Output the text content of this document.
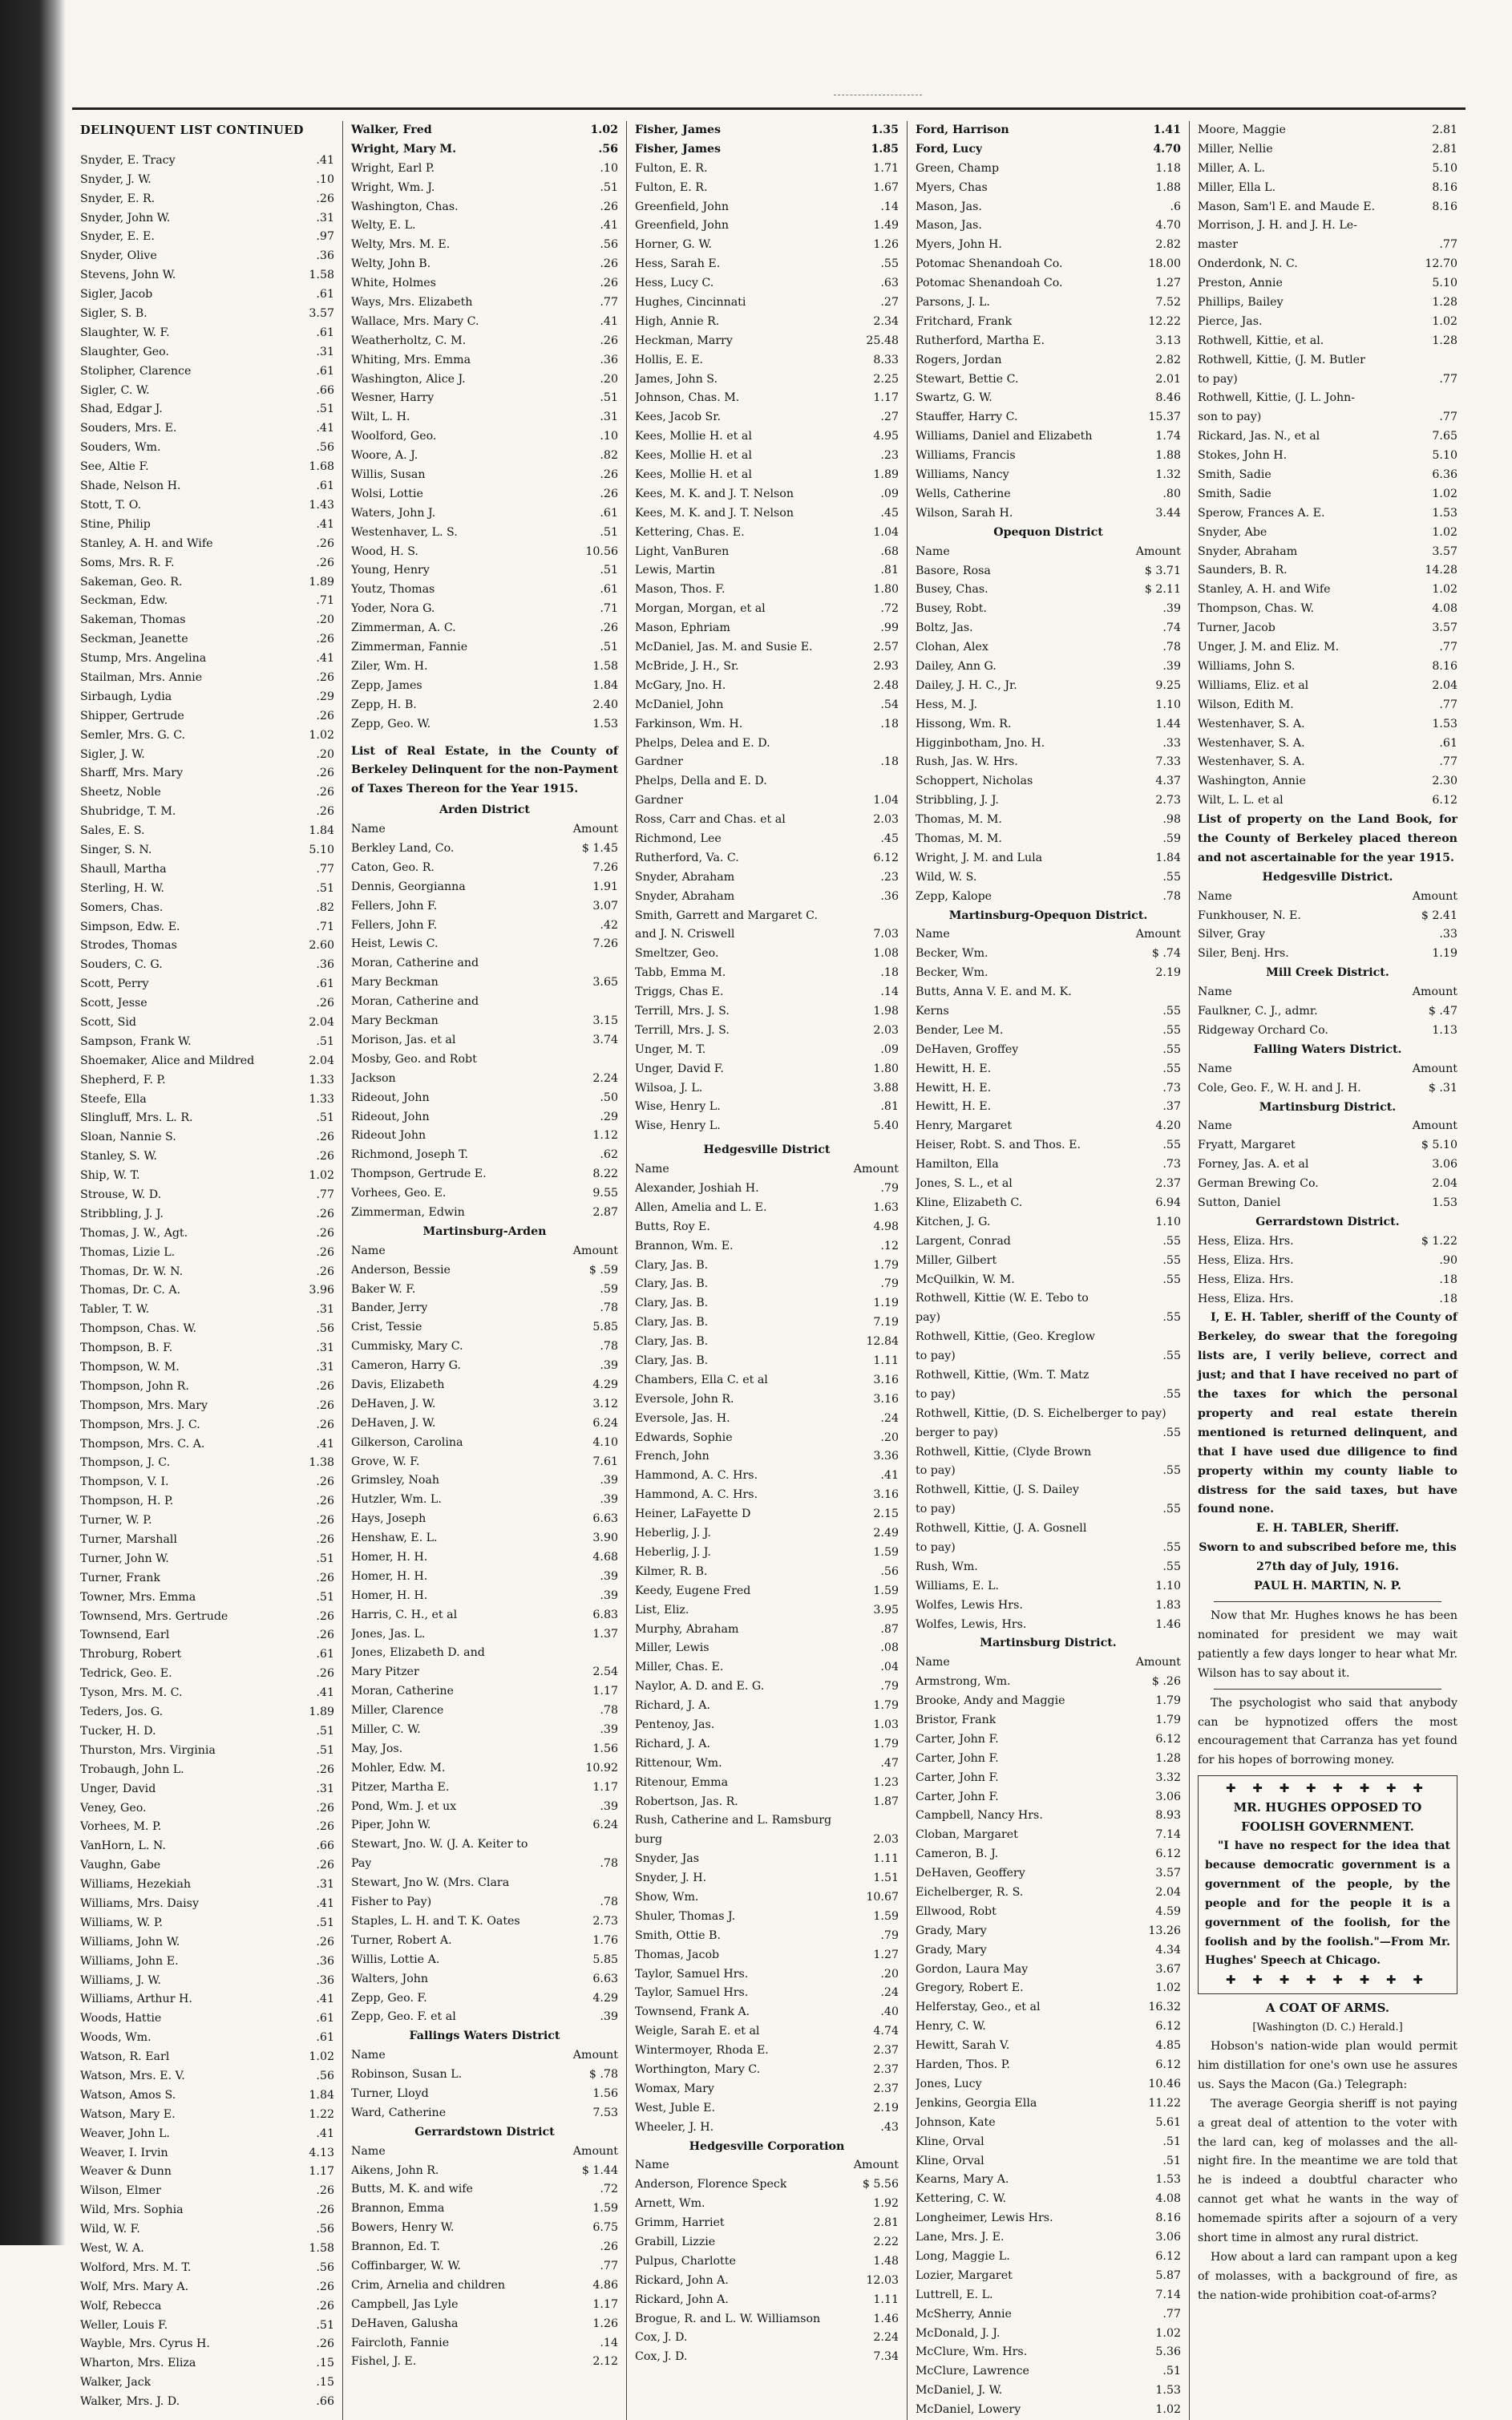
DELINQUENT LIST CONTINUED
Snyder, E. Tracy	.41
Snyder, J. W.	.10
Snyder, E. R.	.26
Snyder, John W.	.31
Snyder, E. E.	.97
Snyder, Olive	.36
Stevens, John W.	1.58
Sigler, Jacob	.61
Sigler, S. B.	3.57
Slaughter, W. F.	.61
Slaughter, Geo.	.31
Stolipher, Clarence	.61
Sigler, C. W.	.66
Shad, Edgar J.	.51
Souders, Mrs. E.	.41
Souders, Wm.	.56
See, Altie F.	1.68
Shade, Nelson H.	.61
Stott, T. O.	1.43
Stine, Philip	.41
Stanley, A. H. and Wife	.26
Soms, Mrs. R. F.	.26
Sakeman, Geo. R.	1.89
Seckman, Edw.	.71
Sakeman, Thomas	.20
Seckman, Jeanette	.26
Stump, Mrs. Angelina	.41
Stailman, Mrs. Annie	.26
Sirbaugh, Lydia	.29
Shipper, Gertrude	.26
Semler, Mrs. G. C.	1.02
Sigler, J. W.	.20
Sharff, Mrs. Mary	.26
Sheetz, Noble	.26
Shubridge, T. M.	.26
Sales, E. S.	1.84
Singer, S. N.	5.10
Shaull, Martha	.77
Sterling, H. W.	.51
Somers, Chas.	.82
Simpson, Edw. E.	.71
Strodes, Thomas	2.60
Souders, C. G.	.36
Scott, Perry	.61
Scott, Jesse	.26
Scott, Sid	2.04
Sampson, Frank W.	.51
Shoemaker, Alice and Mildred	2.04
Shepherd, F. P.	1.33
Steefe, Ella	1.33
Slingluff, Mrs. L. R.	.51
Sloan, Nannie S.	.26
Stanley, S. W.	.26
Ship, W. T.	1.02
Strouse, W. D.	.77
Stribbling, J. J.	.26
Thomas, J. W., Agt.	.26
Thomas, Lizie L.	.26
Thomas, Dr. W. N.	.26
Thomas, Dr. C. A.	3.96
Tabler, T. W.	.31
Thompson, Chas. W.	.56
Thompson, B. F.	.31
Thompson, W. M.	.31
Thompson, John R.	.26
Thompson, Mrs. Mary	.26
Thompson, Mrs. J. C.	.26
Thompson, Mrs. C. A.	.41
Thompson, J. C.	1.38
Thompson, V. I.	.26
Thompson, H. P.	.26
Turner, W. P.	.26
Turner, Marshall	.26
Turner, John W.	.51
Turner, Frank	.26
Towner, Mrs. Emma	.51
Townsend, Mrs. Gertrude	.26
Townsend, Earl	.26
Throburg, Robert	.61
Tedrick, Geo. E.	.26
Tyson, Mrs. M. C.	.41
Teders, Jos. G.	1.89
Tucker, H. D.	.51
Thurston, Mrs. Virginia	.51
Trobaugh, John L.	.26
Unger, David	.31
Veney, Geo.	.26
Vorhees, M. P.	.26
VanHorn, L. N.	.66
Vaughn, Gabe	.26
Williams, Hezekiah	.31
Williams, Mrs. Daisy	.41
Williams, W. P.	.51
Williams, John W.	.26
Williams, John E.	.36
Williams, J. W.	.36
Williams, Arthur H.	.41
Woods, Hattie	.61
Woods, Wm.	.61
Watson, R. Earl	1.02
Watson, Mrs. E. V.	.56
Watson, Amos S.	1.84
Watson, Mary E.	1.22
Weaver, John L.	.41
Weaver, I. Irvin	4.13
Weaver & Dunn	1.17
Wilson, Elmer	.26
Wild, Mrs. Sophia	.26
Wild, W. F.	.56
West, W. A.	1.58
Wolford, Mrs. M. T.	.56
Wolf, Mrs. Mary A.	.26
Wolf, Rebecca	.26
Weller, Louis F.	.51
Wayble, Mrs. Cyrus H.	.26
Wharton, Mrs. Eliza	.15
Walker, Jack	.15
Walker, Mrs. J. D.	.66
Walker, Fred	1.02
Wright, Mary M.	.56
Wright, Earl P.	.10
Wright, Wm. J.	.51
Washington, Chas.	.26
Welty, E. L.	.41
Welty, Mrs. M. E.	.56
Welty, John B.	.26
White, Holmes	.26
Ways, Mrs. Elizabeth	.77
Wallace, Mrs. Mary C.	.41
Weatherholtz, C. M.	.26
Whiting, Mrs. Emma	.36
Washington, Alice J.	.20
Wesner, Harry	.51
Wilt, L. H.	.31
Woolford, Geo.	.10
Woore, A. J.	.82
Willis, Susan	.26
Wolsi, Lottie	.26
Waters, John J.	.61
Westenhaver, L. S.	.51
Wood, H. S.	10.56
Young, Henry	.51
Youtz, Thomas	.61
Yoder, Nora G.	.71
Zimmerman, A. C.	.26
Zimmerman, Fannie	.51
Ziler, Wm. H.	1.58
Zepp, James	1.84
Zepp, H. B.	2.40
Zepp, Geo. W.	1.53
List of Real Estate, in the County of Berkeley Delinquent for the non-Payment of Taxes Thereon for the Year 1915.
Arden District
Name	Amount
Berkley Land, Co.	$ 1.45
Caton, Geo. R.	7.26
Dennis, Georgianna	1.91
Fellers, John F.	3.07
Fellers, John F.	.42
Heist, Lewis C.	7.26
Moran, Catherine and
Mary Beckman	3.65
Moran, Catherine and
Mary Beckman	3.15
Morison, Jas. et al	3.74
Mosby, Geo. and Robt
Jackson	2.24
Rideout, John	.50
Rideout, John	.29
Rideout John	1.12
Richmond, Joseph T.	.62
Thompson, Gertrude E.	8.22
Vorhees, Geo. E.	9.55
Zimmerman, Edwin	2.87
Martinsburg-Arden
Name	Amount
Anderson, Bessie	$ .59
Baker W. F.	.59
Bander, Jerry	.78
Crist, Tessie	5.85
Cummisky, Mary C.	.78
Cameron, Harry G.	.39
Davis, Elizabeth	4.29
DeHaven, J. W.	3.12
DeHaven, J. W.	6.24
Gilkerson, Carolina	4.10
Grove, W. F.	7.61
Grimsley, Noah	.39
Hutzler, Wm. L.	.39
Hays, Joseph	6.63
Henshaw, E. L.	3.90
Homer, H. H.	4.68
Homer, H. H.	.39
Homer, H. H.	.39
Harris, C. H., et al	6.83
Jones, Jas. L.	1.37
Jones, Elizabeth D. and
Mary Pitzer	2.54
Moran, Catherine	1.17
Miller, Clarence	.78
Miller, C. W.	.39
May, Jos.	1.56
Mohler, Edw. M.	10.92
Pitzer, Martha E.	1.17
Pond, Wm. J. et ux	.39
Piper, John W.	6.24
Stewart, Jno. W. (J. A. Keiter to
Pay	.78
Stewart, Jno W. (Mrs. Clara
Fisher to Pay)	.78
Staples, L. H. and T. K. Oates	2.73
Turner, Robert A.	1.76
Willis, Lottie A.	5.85
Walters, John	6.63
Zepp, Geo. F.	4.29
Zepp, Geo. F. et al	.39
Fallings Waters District
Name	Amount
Robinson, Susan L.	$ .78
Turner, Lloyd	1.56
Ward, Catherine	7.53
Gerrardstown District
Name	Amount
Aikens, John R.	$ 1.44
Butts, M. K. and wife	.72
Brannon, Emma	1.59
Bowers, Henry W.	6.75
Brannon, Ed. T.	.26
Coffinbarger, W. W.	.77
Crim, Arnelia and children	4.86
Campbell, Jas Lyle	1.17
DeHaven, Galusha	1.26
Faircloth, Fannie	.14
Fishel, J. E.	2.12
Fisher, James	1.35
Fisher, James	1.85
Fulton, E. R.	1.71
Fulton, E. R.	1.67
Greenfield, John	.14
Greenfield, John	1.49
Horner, G. W.	1.26
Hess, Sarah E.	.55
Hess, Lucy C.	.63
Hughes, Cincinnati	.27
High, Annie R.	2.34
Heckman, Marry	25.48
Hollis, E. E.	8.33
James, John S.	2.25
Johnson, Chas. M.	1.17
Kees, Jacob Sr.	.27
Kees, Mollie H. et al	4.95
Kees, Mollie H. et al	.23
Kees, Mollie H. et al	1.89
Kees, M. K. and J. T. Nelson	.09
Kees, M. K. and J. T. Nelson	.45
Kettering, Chas. E.	1.04
Light, VanBuren	.68
Lewis, Martin	.81
Mason, Thos. F.	1.80
Morgan, Morgan, et al	.72
Mason, Ephriam	.99
McDaniel, Jas. M. and Susie E.	2.57
McBride, J. H., Sr.	2.93
McGary, Jno. H.	2.48
McDaniel, John	.54
Farkinson, Wm. H.	.18
Phelps, Delea and E. D.
Gardner	.18
Phelps, Della and E. D.
Gardner	1.04
Ross, Carr and Chas. et al	2.03
Richmond, Lee	.45
Rutherford, Va. C.	6.12
Snyder, Abraham	.23
Snyder, Abraham	.36
Smith, Garrett and Margaret C.
and J. N. Criswell	7.03
Smeltzer, Geo.	1.08
Tabb, Emma M.	.18
Triggs, Chas E.	.14
Terrill, Mrs. J. S.	1.98
Terrill, Mrs. J. S.	2.03
Unger, M. T.	.09
Unger, David F.	1.80
Wilsoa, J. L.	3.88
Wise, Henry L.	.81
Wise, Henry L.	5.40
Hedgesville District
Name	Amount
Alexander, Joshiah H.	.79
Allen, Amelia and L. E.	1.63
Butts, Roy E.	4.98
Brannon, Wm. E.	.12
Clary, Jas. B.	1.79
Clary, Jas. B.	.79
Clary, Jas. B.	1.19
Clary, Jas. B.	7.19
Clary, Jas. B.	12.84
Clary, Jas. B.	1.11
Chambers, Ella C. et al	3.16
Eversole, John R.	3.16
Eversole, Jas. H.	.24
Edwards, Sophie	.20
French, John	3.36
Hammond, A. C. Hrs.	.41
Hammond, A. C. Hrs.	3.16
Heiner, LaFayette D	2.15
Heberlig, J. J.	2.49
Heberlig, J. J.	1.59
Kilmer, R. B.	.56
Keedy, Eugene Fred	1.59
List, Eliz.	3.95
Murphy, Abraham	.87
Miller, Lewis	.08
Miller, Chas. E.	.04
Naylor, A. D. and E. G.	.79
Richard, J. A.	1.79
Pentenoy, Jas.	1.03
Richard, J. A.	1.79
Rittenour, Wm.	.47
Ritenour, Emma	1.23
Robertson, Jas. R.	1.87
Rush, Catherine and L. Ramsburg
burg	2.03
Snyder, Jas	1.11
Snyder, J. H.	1.51
Show, Wm.	10.67
Shuler, Thomas J.	1.59
Smith, Ottie B.	.79
Thomas, Jacob	1.27
Taylor, Samuel Hrs.	.20
Taylor, Samuel Hrs.	.24
Townsend, Frank A.	.40
Weigle, Sarah E. et al	4.74
Wintermoyer, Rhoda E.	2.37
Worthington, Mary C.	2.37
Womax, Mary	2.37
West, Juble E.	2.19
Wheeler, J. H.	.43
Hedgesville Corporation
Name	Amount
Anderson, Florence Speck	$ 5.56
Arnett, Wm.	1.92
Grimm, Harriet	2.81
Grabill, Lizzie	2.22
Pulpus, Charlotte	1.48
Rickard, John A.	12.03
Rickard, John A.	1.11
Brogue, R. and L. W. Williamson	1.46
Cox, J. D.	2.24
Cox, J. D.	7.34
Ford, Harrison	1.41
Ford, Lucy	4.70
Green, Champ	1.18
Myers, Chas	1.88
Mason, Jas.	.6
Mason, Jas.	4.70
Myers, John H.	2.82
Potomac Shenandoah Co.	18.00
Potomac Shenandoah Co.	1.27
Parsons, J. L.	7.52
Fritchard, Frank	12.22
Rutherford, Martha E.	3.13
Rogers, Jordan	2.82
Stewart, Bettie C.	2.01
Swartz, G. W.	8.46
Stauffer, Harry C.	15.37
Williams, Daniel and Elizabeth	1.74
Williams, Francis	1.88
Williams, Nancy	1.32
Wells, Catherine	.80
Wilson, Sarah H.	3.44
Opequon District
Name	Amount
Basore, Rosa	$ 3.71
Busey, Chas.	$ 2.11
Busey, Robt.	.39
Boltz, Jas.	.74
Clohan, Alex	.78
Dailey, Ann G.	.39
Dailey, J. H. C., Jr.	9.25
Hess, M. J.	1.10
Hissong, Wm. R.	1.44
Higginbotham, Jno. H.	.33
Rush, Jas. W. Hrs.	7.33
Schoppert, Nicholas	4.37
Stribbling, J. J.	2.73
Thomas, M. M.	.98
Thomas, M. M.	.59
Wright, J. M. and Lula	1.84
Wild, W. S.	.55
Zepp, Kalope	.78
Martinsburg-Opequon District.
Name	Amount
Becker, Wm.	$ .74
Becker, Wm.	2.19
Butts, Anna V. E. and M. K.
Kerns	.55
Bender, Lee M.	.55
DeHaven, Groffey	.55
Hewitt, H. E.	.55
Hewitt, H. E.	.73
Hewitt, H. E.	.37
Henry, Margaret	4.20
Heiser, Robt. S. and Thos. E.	.55
Hamilton, Ella	.73
Jones, S. L., et al	2.37
Kline, Elizabeth C.	6.94
Kitchen, J. G.	1.10
Largent, Conrad	.55
Miller, Gilbert	.55
McQuilkin, W. M.	.55
Rothwell, Kittie (W. E. Tebo to
pay)	.55
Rothwell, Kittie, (Geo. Kreglow
to pay)	.55
Rothwell, Kittie, (Wm. T. Matz
to pay)	.55
Rothwell, Kittie, (D. S. Eichelberger to pay)
berger to pay)	.55
Rothwell, Kittie, (Clyde Brown
to pay)	.55
Rothwell, Kittie, (J. S. Dailey
to pay)	.55
Rothwell, Kittie, (J. A. Gosnell
to pay)	.55
Rush, Wm.	.55
Williams, E. L.	1.10
Wolfes, Lewis Hrs.	1.83
Wolfes, Lewis, Hrs.	1.46
Martinsburg District.
Name	Amount
Armstrong, Wm.	$ .26
Brooke, Andy and Maggie	1.79
Bristor, Frank	1.79
Carter, John F.	6.12
Carter, John F.	1.28
Carter, John F.	3.32
Carter, John F.	3.06
Campbell, Nancy Hrs.	8.93
Cloban, Margaret	7.14
Cameron, B. J.	6.12
DeHaven, Geoffery	3.57
Eichelberger, R. S.	2.04
Ellwood, Robt	4.59
Grady, Mary	13.26
Grady, Mary	4.34
Gordon, Laura May	3.67
Gregory, Robert E.	1.02
Helferstay, Geo., et al	16.32
Henry, C. W.	6.12
Hewitt, Sarah V.	4.85
Harden, Thos. P.	6.12
Jones, Lucy	10.46
Jenkins, Georgia Ella	11.22
Johnson, Kate	5.61
Kline, Orval	.51
Kline, Orval	.51
Kearns, Mary A.	1.53
Kettering, C. W.	4.08
Longheimer, Lewis Hrs.	8.16
Lane, Mrs. J. E.	3.06
Long, Maggie L.	6.12
Lozier, Margaret	5.87
Luttrell, E. L.	7.14
McSherry, Annie	.77
McDonald, J. J.	1.02
McClure, Wm. Hrs.	5.36
McClure, Lawrence	.51
McDaniel, J. W.	1.53
McDaniel, Lowery	1.02
Moore, Maggie	2.81
Miller, Nellie	2.81
Miller, A. L.	5.10
Miller, Ella L.	8.16
Mason, Sam'l E. and Maude E.	8.16
Morrison, J. H. and J. H. Le-
master	.77
Onderdonk, N. C.	12.70
Preston, Annie	5.10
Phillips, Bailey	1.28
Pierce, Jas.	1.02
Rothwell, Kittie, et al.	1.28
Rothwell, Kittie, (J. M. Butler
to pay)	.77
Rothwell, Kittie, (J. L. John-
son to pay)	.77
Rickard, Jas. N., et al	7.65
Stokes, John H.	5.10
Smith, Sadie	6.36
Smith, Sadie	1.02
Sperow, Frances A. E.	1.53
Snyder, Abe	1.02
Snyder, Abraham	3.57
Saunders, B. R.	14.28
Stanley, A. H. and Wife	1.02
Thompson, Chas. W.	4.08
Turner, Jacob	3.57
Unger, J. M. and Eliz. M.	.77
Williams, John S.	8.16
Williams, Eliz. et al	2.04
Wilson, Edith M.	.77
Westenhaver, S. A.	1.53
Westenhaver, S. A.	.61
Westenhaver, S. A.	.77
Washington, Annie	2.30
Wilt, L. L. et al	6.12
List of property on the Land Book, for the County of Berkeley placed thereon and not ascertainable for the year 1915.
Hedgesville District.
Name	Amount
Funkhouser, N. E.	$ 2.41
Silver, Gray	.33
Siler, Benj. Hrs.	1.19
Mill Creek District.
Name	Amount
Faulkner, C. J., admr.	$ .47
Ridgeway Orchard Co.	1.13
Falling Waters District.
Name	Amount
Cole, Geo. F., W. H. and J. H.	$ .31
Martinsburg District.
Name	Amount
Fryatt, Margaret	$ 5.10
Forney, Jas. A. et al	3.06
German Brewing Co.	2.04
Sutton, Daniel	1.53
Gerrardstown District.
Hess, Eliza. Hrs.	$ 1.22
Hess, Eliza. Hrs.	.90
Hess, Eliza. Hrs.	.18
Hess, Eliza. Hrs.	.18
I, E. H. Tabler, sheriff of the County of Berkeley, do swear that the foregoing lists are, I verily believe, correct and just; and that I have received no part of the taxes for which the personal property and real estate therein mentioned is returned delinquent, and that I have used due diligence to find property within my county liable to distress for the said taxes, but have found none.
E. H. TABLER, Sheriff.
Sworn to and subscribed before me, this 27th day of July, 1916.
PAUL H. MARTIN, N. P.
Now that Mr. Hughes knows he has been nominated for president we may wait patiently a few days longer to hear what Mr. Wilson has to say about it.
The psychologist who said that anybody can be hypnotized offers the most encouragement that Carranza has yet found for his hopes of borrowing money.
✚ ✚ ✚ ✚ ✚ ✚ ✚ ✚
MR. HUGHES OPPOSED TO FOOLISH GOVERNMENT.
"I have no respect for the idea that because democratic government is a government of the people, by the people and for the people it is a government of the foolish, for the foolish and by the foolish."—From Mr. Hughes' Speech at Chicago.
✚ ✚ ✚ ✚ ✚ ✚ ✚ ✚
A COAT OF ARMS.
[Washington (D. C.) Herald.]
Hobson's nation-wide plan would permit him distillation for one's own use he assures us. Says the Macon (Ga.) Telegraph:
The average Georgia sheriff is not paying a great deal of attention to the voter with the lard can, keg of molasses and the all-night fire. In the meantime we are told that he is indeed a doubtful character who cannot get what he wants in the way of homemade spirits after a sojourn of a very short time in almost any rural district.
How about a lard can rampant upon a keg of molasses, with a background of fire, as the nation-wide prohibition coat-of-arms?
